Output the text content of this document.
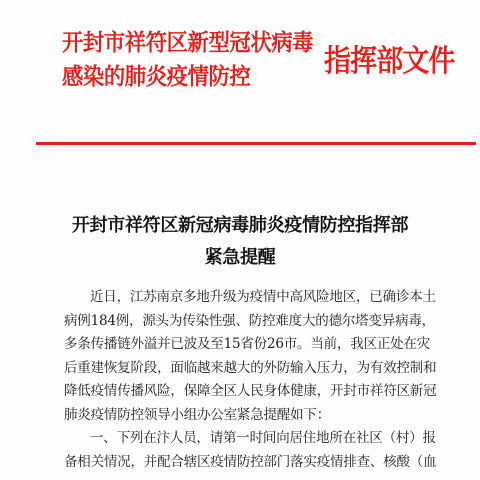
开封市祥符区新型冠状病毒
感染的肺炎疫情防控	指挥部文件
开封市祥符区新冠病毒肺炎疫情防控指挥部
紧急提醒
近日，江苏南京多地升级为疫情中高风险地区，已确诊本土
病例184例，源头为传染性强、防控难度大的德尔塔变异病毒，
多条传播链外溢并已波及至15省份26市。当前，我区正处在灾
后重建恢复阶段，面临越来越大的外防输入压力，为有效控制和
降低疫情传播风险，保障全区人民身体健康，开封市祥符区新冠
肺炎疫情防控领导小组办公室紧急提醒如下：
一、下列在汴人员，请第一时间向居住地所在社区（村）报
备相关情况，并配合辖区疫情防控部门落实疫情排查、核酸（血
